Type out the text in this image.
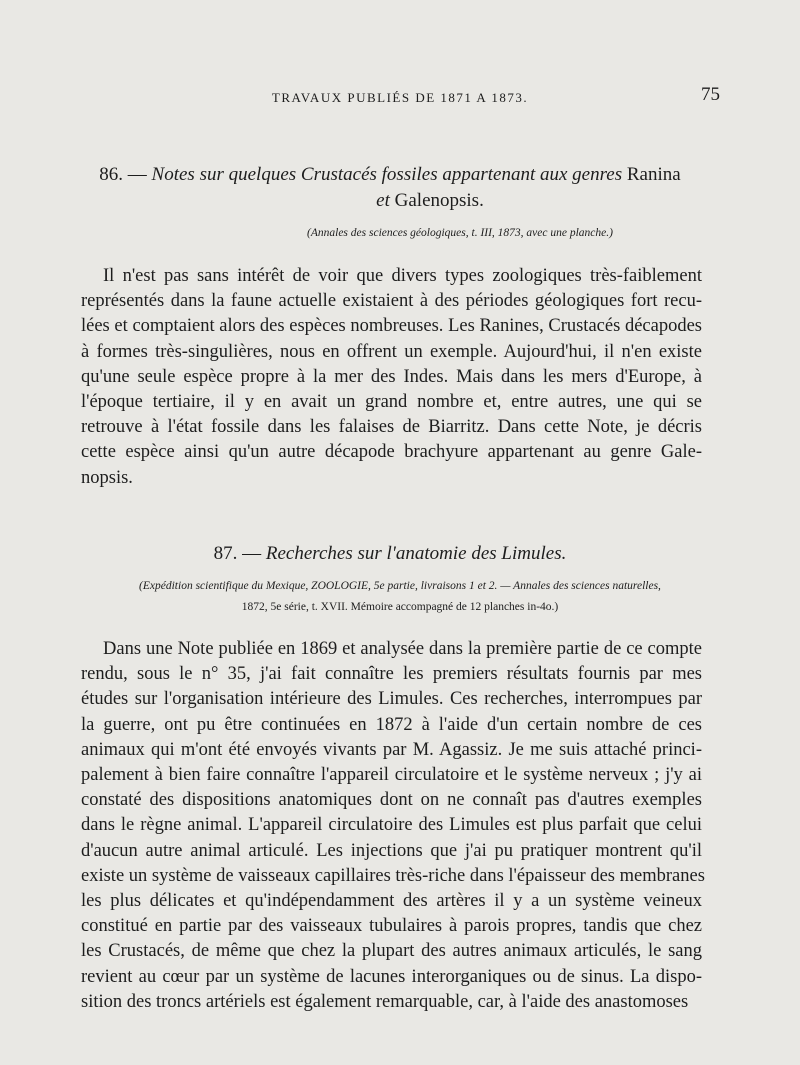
TRAVAUX PUBLIÉS DE 1871 A 1873.	75
86. — Notes sur quelques Crustacés fossiles appartenant aux genres Ranina
et Galenopsis.
(Annales des sciences géologiques, t. III, 1873, avec une planche.)
Il n'est pas sans intérêt de voir que divers types zoologiques très-faiblement
représentés dans la faune actuelle existaient à des périodes géologiques fort recu-
lées et comptaient alors des espèces nombreuses. Les Ranines, Crustacés décapodes
à formes très-singulières, nous en offrent un exemple. Aujourd'hui, il n'en existe
qu'une seule espèce propre à la mer des Indes. Mais dans les mers d'Europe, à
l'époque tertiaire, il y en avait un grand nombre et, entre autres, une qui se
retrouve à l'état fossile dans les falaises de Biarritz. Dans cette Note, je décris
cette espèce ainsi qu'un autre décapode brachyure appartenant au genre Gale-
nopsis.
87. — Recherches sur l'anatomie des Limules.
(Expédition scientifique du Mexique, ZOOLOGIE, 5e partie, livraisons 1 et 2. — Annales des sciences naturelles,
1872, 5e série, t. XVII. Mémoire accompagné de 12 planches in-4o.)
Dans une Note publiée en 1869 et analysée dans la première partie de ce compte
rendu, sous le n° 35, j'ai fait connaître les premiers résultats fournis par mes
études sur l'organisation intérieure des Limules. Ces recherches, interrompues par
la guerre, ont pu être continuées en 1872 à l'aide d'un certain nombre de ces
animaux qui m'ont été envoyés vivants par M. Agassiz. Je me suis attaché princi-
palement à bien faire connaître l'appareil circulatoire et le système nerveux ; j'y ai
constaté des dispositions anatomiques dont on ne connaît pas d'autres exemples
dans le règne animal. L'appareil circulatoire des Limules est plus parfait que celui
d'aucun autre animal articulé. Les injections que j'ai pu pratiquer montrent qu'il
existe un système de vaisseaux capillaires très-riche dans l'épaisseur des membranes
les plus délicates et qu'indépendamment des artères il y a un système veineux
constitué en partie par des vaisseaux tubulaires à parois propres, tandis que chez
les Crustacés, de même que chez la plupart des autres animaux articulés, le sang
revient au cœur par un système de lacunes interorganiques ou de sinus. La dispo-
sition des troncs artériels est également remarquable, car, à l'aide des anastomoses
